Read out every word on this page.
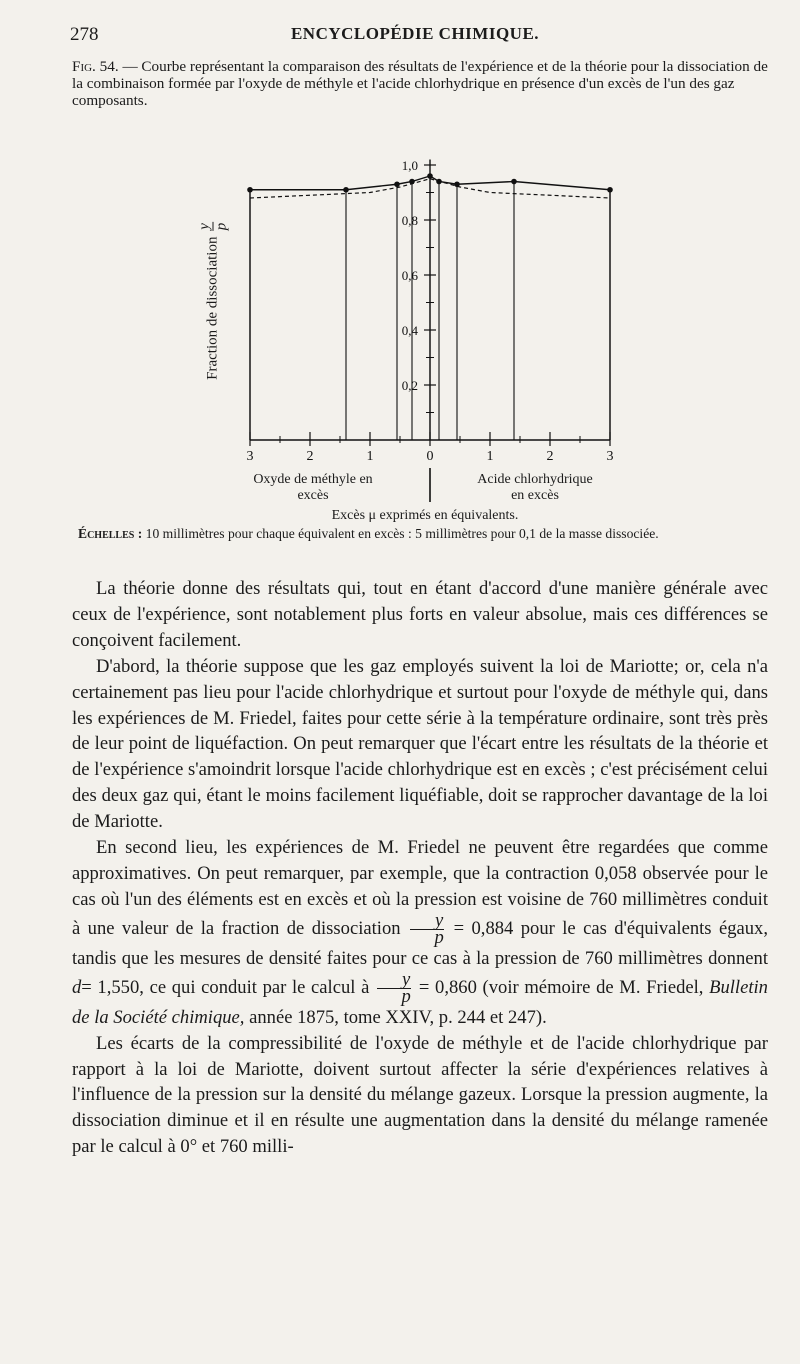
278	ENCYCLOPÉDIE CHIMIQUE.
Fig. 54. — Courbe représentant la comparaison des résultats de l'expérience et de la théorie pour la dissociation de la combinaison formée par l'oxyde de méthyle et l'acide chlorhydrique en présence d'un excès de l'un des gaz composants.
1,0
0,8
0,6
0,4
0,2
3	2	1	0	1	2	3
Fraction de dissociation
y p
Oxyde de méthyle en
excès
Acide chlorhydrique
en excès
Excès μ exprimés en équivalents.
Échelles : 10 millimètres pour chaque équivalent en excès : 5 millimètres pour 0,1 de la masse dissociée.

La théorie donne des résultats qui, tout en étant d'accord d'une manière générale avec ceux de l'expérience, sont notablement plus forts en valeur absolue, mais ces différences se conçoivent facilement.

D'abord, la théorie suppose que les gaz employés suivent la loi de Mariotte; or, cela n'a certainement pas lieu pour l'acide chlorhydrique et surtout pour l'oxyde de méthyle qui, dans les expériences de M. Friedel, faites pour cette série à la température ordinaire, sont très près de leur point de liquéfaction. On peut remarquer que l'écart entre les résultats de la théorie et de l'expérience s'amoindrit lorsque l'acide chlorhydrique est en excès ; c'est précisément celui des deux gaz qui, étant le moins facilement liquéfiable, doit se rapprocher davantage de la loi de Mariotte.

En second lieu, les expériences de M. Friedel ne peuvent être regardées que comme approximatives. On peut remarquer, par exemple, que la contraction 0,058 observée pour le cas où l'un des éléments est en excès et où la pression est voisine de 760 millimètres conduit à une valeur de la fraction de dissociation $\frac{y}{p} = 0,884$ pour le cas d'équivalents égaux, tandis que les mesures de densité faites pour ce cas à la pression de 760 millimètres donnent d= 1,550, ce qui conduit par le calcul à $\frac{y}{p} = 0,860$ (voir mémoire de M. Friedel, Bulletin de la Société chimique, année 1875, tome XXIV, p. 244 et 247).

Les écarts de la compressibilité de l'oxyde de méthyle et de l'acide chlorhydrique par rapport à la loi de Mariotte, doivent surtout affecter la série d'expériences relatives à l'influence de la pression sur la densité du mélange gazeux. Lorsque la pression augmente, la dissociation diminue et il en résulte une augmentation dans la densité du mélange ramenée par le calcul à 0° et 760 milli-
